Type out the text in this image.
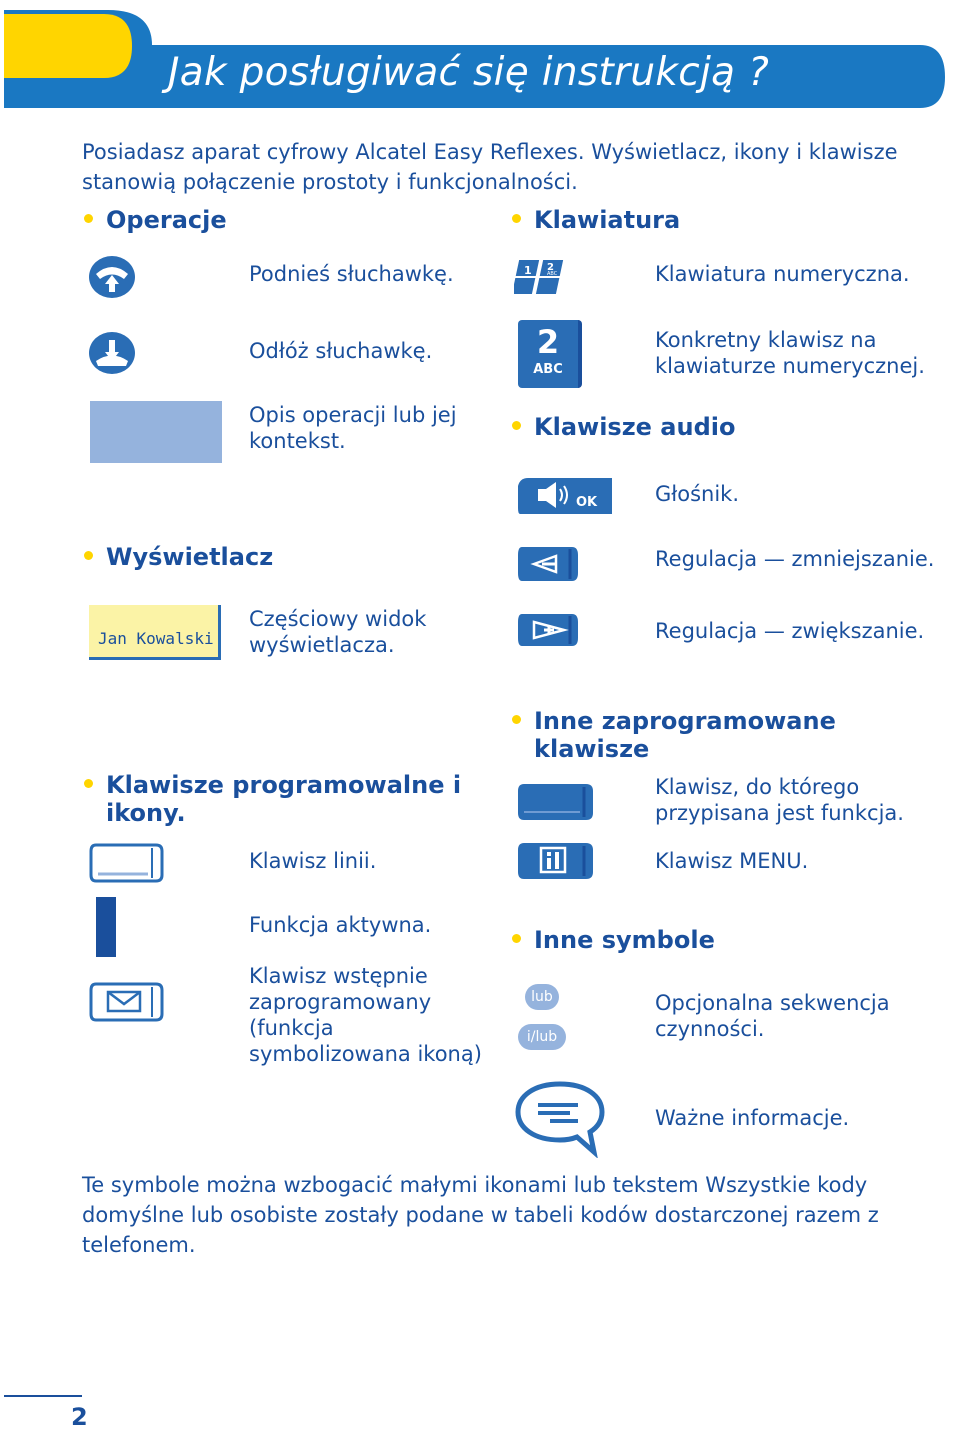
Jak posługiwać się instrukcją ?
Posiadasz aparat cyfrowy Alcatel Easy Reflexes. Wyświetlacz, ikony i klawisze stanowią połączenie prostoty i funkcjonalności.
Operacje
Podnieś słuchawkę.
Odłóż słuchawkę.
Opis operacji lub jej kontekst.
Wyświetlacz
Jan Kowalski
Częściowy widok wyświetlacza.
Klawisze programowalne i ikony.
Klawisz linii.
Funkcja aktywna.
Klawisz wstępnie zaprogramowany (funkcja symbolizowana ikoną)
Klawiatura
1 2
ABC	Klawiatura numeryczna.
2
ABC
Konkretny klawisz na klawiaturze numerycznej.
Klawisze audio
OK	Głośnik.
Regulacja — zmniejszanie.
Regulacja — zwiększanie.
Inne zaprogramowane klawisze
Klawisz, do którego przypisana jest funkcja.
Klawisz MENU.
Inne symbole
lub
i/lub
Opcjonalna sekwencja czynności.
Ważne informacje.
Te symbole można wzbogacić małymi ikonami lub tekstem Wszystkie kody domyślne lub osobiste zostały podane w tabeli kodów dostarczonej razem z telefonem.
2
